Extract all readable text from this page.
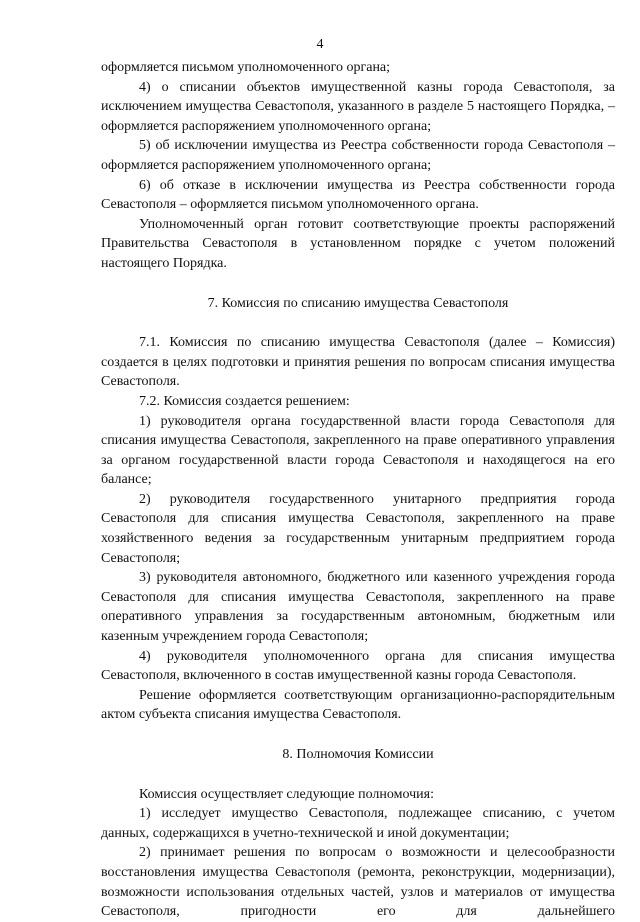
4

оформляется письмом уполномоченного органа;

4) о списании объектов имущественной казны города Севастополя, за исключением имущества Севастополя, указанного в разделе 5 настоящего Порядка, – оформляется распоряжением уполномоченного органа;

5) об исключении имущества из Реестра собственности города Севастополя – оформляется распоряжением уполномоченного органа;

6) об отказе в исключении имущества из Реестра собственности города Севастополя – оформляется письмом уполномоченного органа.

Уполномоченный орган готовит соответствующие проекты распоряжений Правительства Севастополя в установленном порядке с учетом положений настоящего Порядка.

7. Комиссия по списанию имущества Севастополя

7.1. Комиссия по списанию имущества Севастополя (далее – Комиссия) создается в целях подготовки и принятия решения по вопросам списания имущества Севастополя.

7.2. Комиссия создается решением:

1) руководителя органа государственной власти города Севастополя для списания имущества Севастополя, закрепленного на праве оперативного управления за органом государственной власти города Севастополя и находящегося на его балансе;

2) руководителя государственного унитарного предприятия города Севастополя для списания имущества Севастополя, закрепленного на праве хозяйственного ведения за государственным унитарным предприятием города Севастополя;

3) руководителя автономного, бюджетного или казенного учреждения города Севастополя для списания имущества Севастополя, закрепленного на праве оперативного управления за государственным автономным, бюджетным или казенным учреждением города Севастополя;

4) руководителя уполномоченного органа для списания имущества Севастополя, включенного в состав имущественной казны города Севастополя.

Решение оформляется соответствующим организационно-распорядительным актом субъекта списания имущества Севастополя.

8. Полномочия Комиссии

Комиссия осуществляет следующие полномочия:

1) исследует имущество Севастополя, подлежащее списанию, с учетом данных, содержащихся в учетно-технической и иной документации;

2) принимает решения по вопросам о возможности и целесообразности восстановления имущества Севастополя (ремонта, реконструкции, модернизации), возможности использования отдельных частей, узлов и материалов от имущества Севастополя, пригодности его для дальнейшего
